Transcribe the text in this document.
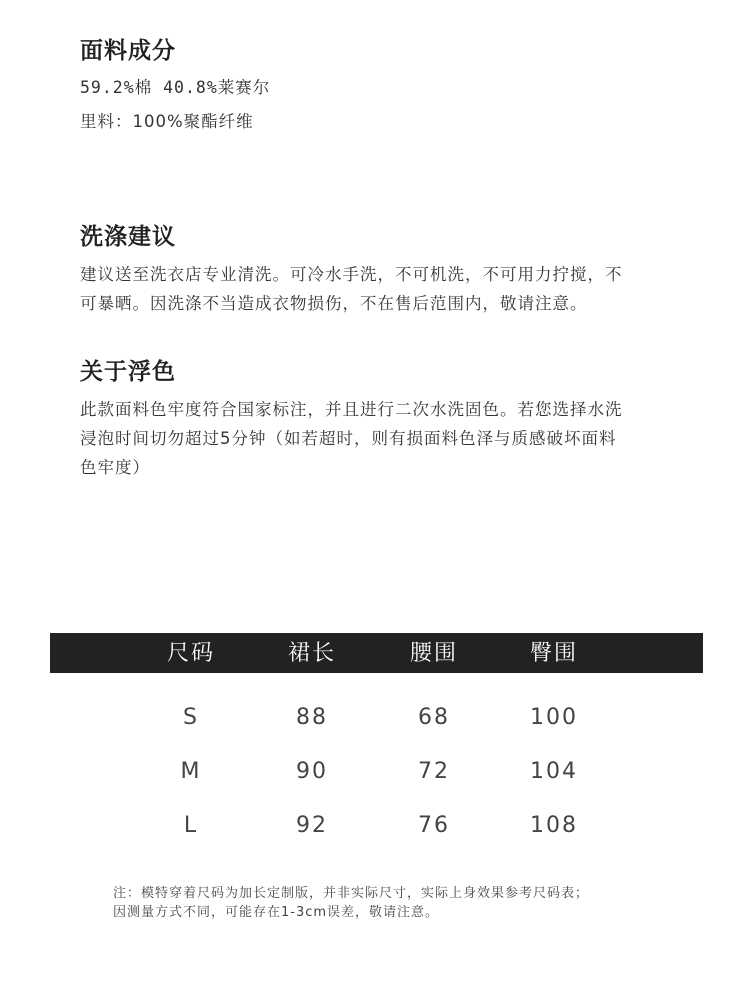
面料成分
59.2%棉 40.8%莱赛尔
里料：100%聚酯纤维
洗涤建议
建议送至洗衣店专业清洗。可冷水手洗，不可机洗，不可用力拧搅，不
可暴晒。因洗涤不当造成衣物损伤，不在售后范围内，敬请注意。
关于浮色
此款面料色牢度符合国家标注，并且进行二次水洗固色。若您选择水洗
浸泡时间切勿超过5分钟（如若超时，则有损面料色泽与质感破坏面料
色牢度）
尺码	裙长	腰围	臀围
S	88	68	100
M	90	72	104
L	92	76	108
注：模特穿着尺码为加长定制版，并非实际尺寸，实际上身效果参考尺码表；
因测量方式不同，可能存在1-3cm误差，敬请注意。
